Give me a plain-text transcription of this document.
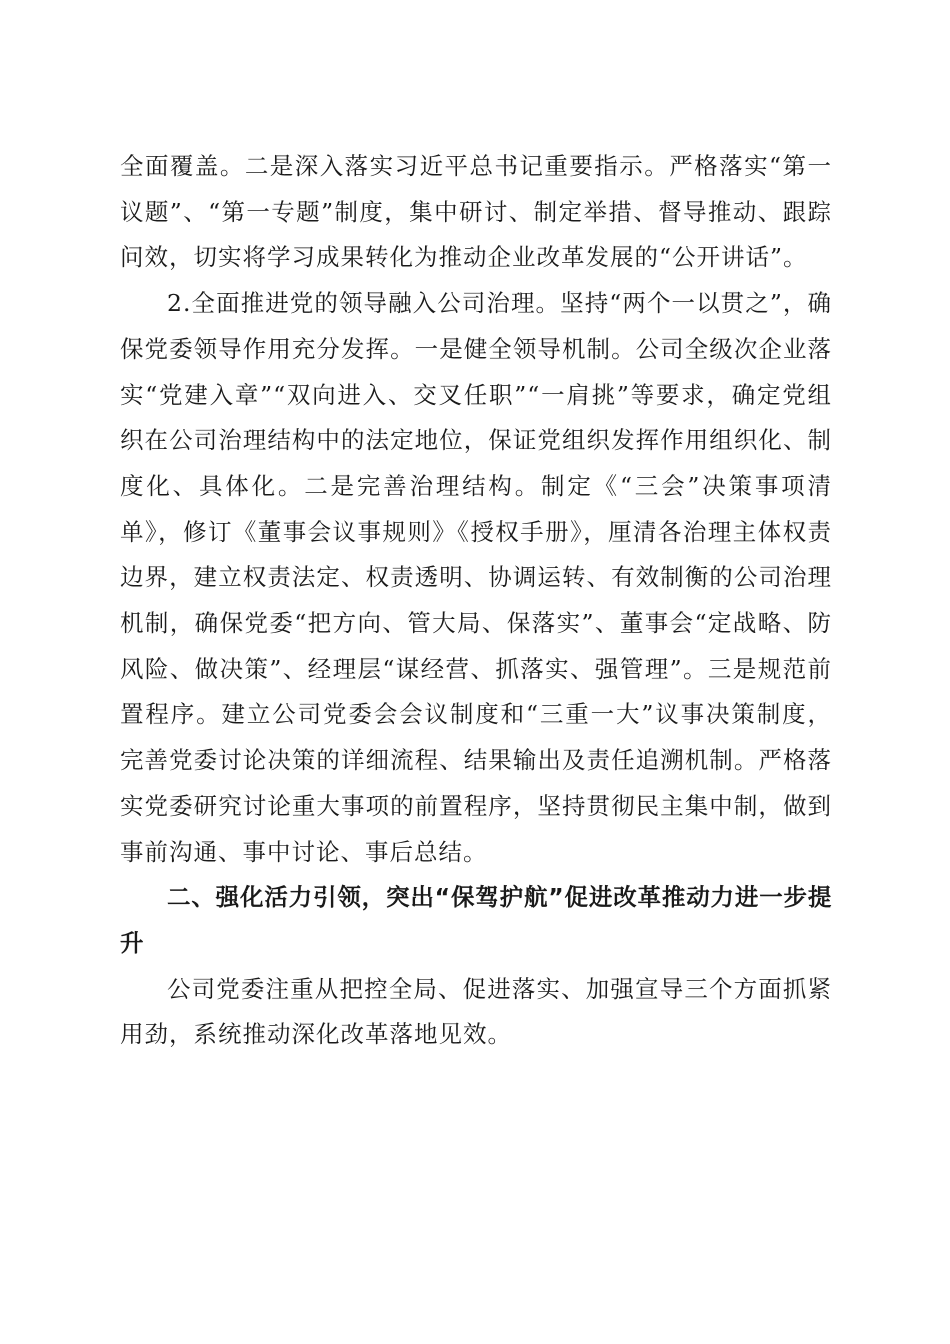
全面覆盖。二是深入落实习近平总书记重要指示。严格落实“第一议题”、“第一专题”制度，集中研讨、制定举措、督导推动、跟踪问效，切实将学习成果转化为推动企业改革发展的“公开讲话”。

2.全面推进党的领导融入公司治理。坚持“两个一以贯之”，确保党委领导作用充分发挥。一是健全领导机制。公司全级次企业落实“党建入章”“双向进入、交叉任职”“一肩挑”等要求，确定党组织在公司治理结构中的法定地位，保证党组织发挥作用组织化、制度化、具体化。二是完善治理结构。制定《“三会”决策事项清单》，修订《董事会议事规则》《授权手册》，厘清各治理主体权责边界，建立权责法定、权责透明、协调运转、有效制衡的公司治理机制，确保党委“把方向、管大局、保落实”、董事会“定战略、防风险、做决策”、经理层“谋经营、抓落实、强管理”。三是规范前置程序。建立公司党委会会议制度和“三重一大”议事决策制度，完善党委讨论决策的详细流程、结果输出及责任追溯机制。严格落实党委研究讨论重大事项的前置程序，坚持贯彻民主集中制，做到事前沟通、事中讨论、事后总结。

二、强化活力引领，突出“保驾护航”促进改革推动力进一步提升

公司党委注重从把控全局、促进落实、加强宣导三个方面抓紧用劲，系统推动深化改革落地见效。
